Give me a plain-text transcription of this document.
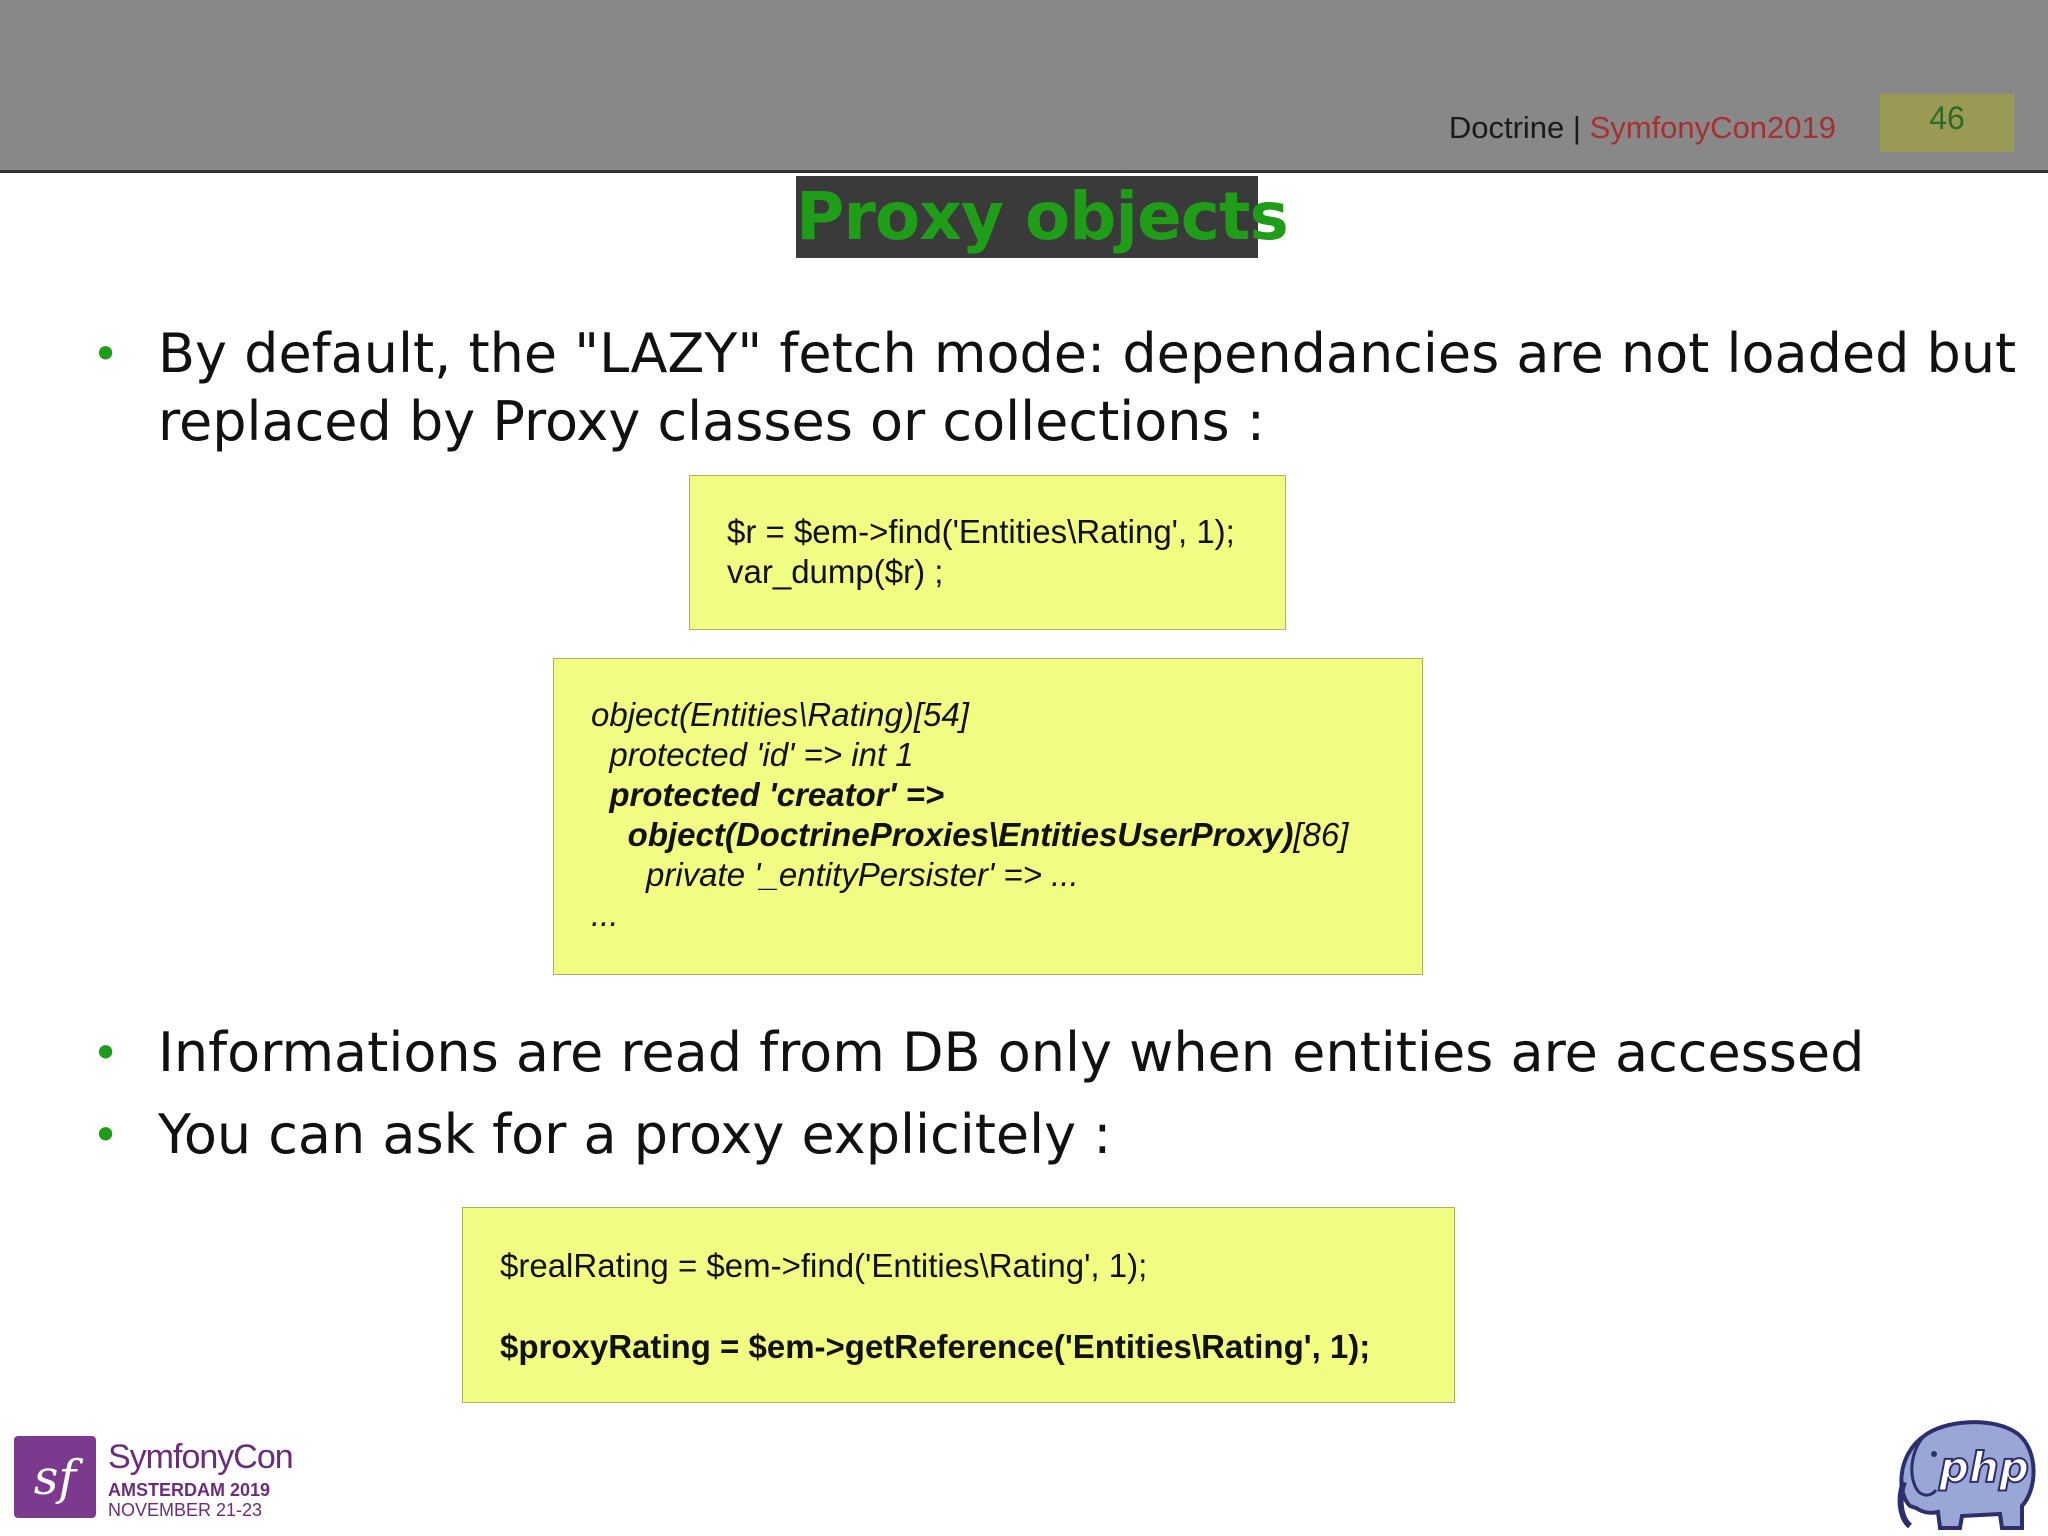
Doctrine | SymfonyCon2019	46
Proxy objects
• By default, the "LAZY" fetch mode: dependancies are not loaded but
replaced by Proxy classes or collections :
$r = $em->find('Entities\Rating', 1);
var_dump($r) ;
object(Entities\Rating)[54]
protected 'id' => int 1
protected 'creator' =>
object(DoctrineProxies\EntitiesUserProxy)[86]
private '_entityPersister' => ...
...
• Informations are read from DB only when entities are accessed
• You can ask for a proxy explicitely :
$realRating = $em->find('Entities\Rating', 1);
$proxyRating = $em->getReference('Entities\Rating', 1);
sf SymfonyCon
AMSTERDAM 2019
NOVEMBER 21-23
php
